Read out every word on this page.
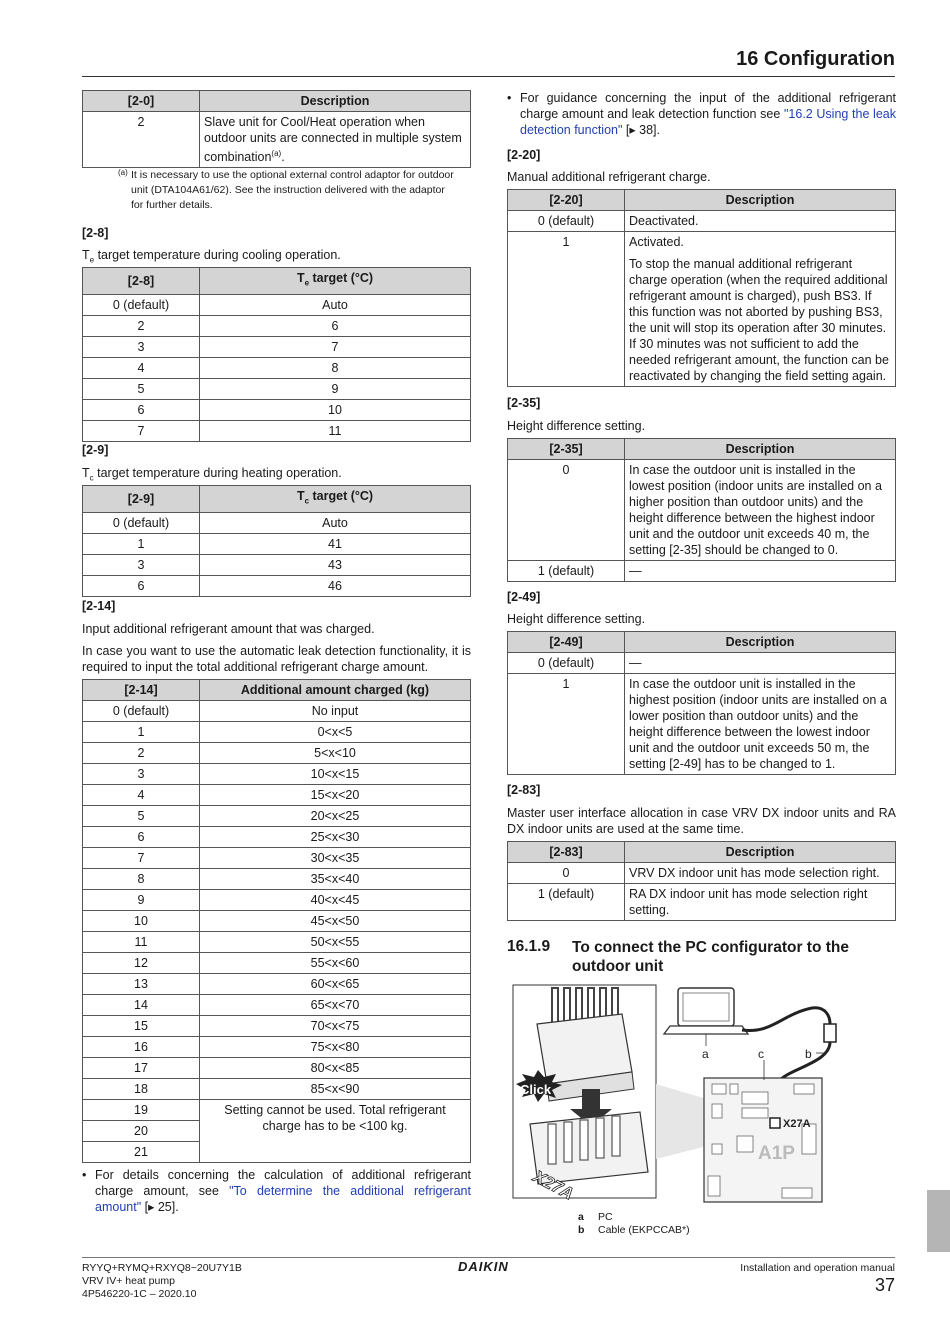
16 Configuration
[2-0]	Description
2	Slave unit for Cool/Heat operation when outdoor units are connected in multiple system combination$^{(a)}$.
(a) It is necessary to use the optional external control adaptor for outdoor unit (DTA104A61/62). See the instruction delivered with the adaptor for further details.
[2-8]
$T_e$ target temperature during cooling operation.
[2-8]	$T_e$ target (°C)
0 (default)	Auto
2	6
3	7
4	8
5	9
6	10
7	11
[2-9]
$T_c$ target temperature during heating operation.
[2-9]	$T_c$ target (°C)
0 (default)	Auto
1	41
3	43
6	46
[2-14]
Input additional refrigerant amount that was charged.
In case you want to use the automatic leak detection functionality, it is required to input the total additional refrigerant charge amount.
[2-14]	Additional amount charged (kg)
0 (default)	No input
1	0<x<5
2	5<x<10
3	10<x<15
4	15<x<20
5	20<x<25
6	25<x<30
7	30<x<35
8	35<x<40
9	40<x<45
10	45<x<50
11	50<x<55
12	55<x<60
13	60<x<65
14	65<x<70
15	70<x<75
16	75<x<80
17	80<x<85
18	85<x<90
19	Setting cannot be used. Total refrigerant charge has to be <100 kg.
20	
21	
• For details concerning the calculation of additional refrigerant charge amount, see "To determine the additional refrigerant amount" [▸ 25].
• For guidance concerning the input of the additional refrigerant charge amount and leak detection function see "16.2 Using the leak detection function" [▸ 38].
[2-20]
Manual additional refrigerant charge.
[2-20]	Description
0 (default)	Deactivated.
1	Activated.
To stop the manual additional refrigerant charge operation (when the required additional refrigerant amount is charged), push BS3. If this function was not aborted by pushing BS3, the unit will stop its operation after 30 minutes. If 30 minutes was not sufficient to add the needed refrigerant amount, the function can be reactivated by changing the field setting again.
[2-35]
Height difference setting.
[2-35]	Description
0	In case the outdoor unit is installed in the lowest position (indoor units are installed on a higher position than outdoor units) and the height difference between the highest indoor unit and the outdoor unit exceeds 40 m, the setting [2-35] should be changed to 0.
1 (default)	—
[2-49]
Height difference setting.
[2-49]	Description
0 (default)	—
1	In case the outdoor unit is installed in the highest position (indoor units are installed on a lower position than outdoor units) and the height difference between the lowest indoor unit and the outdoor unit exceeds 50 m, the setting [2-49] has to be changed to 1.
[2-83]
Master user interface allocation in case VRV DX indoor units and RA DX indoor units are used at the same time.
[2-83]	Description
0	VRV DX indoor unit has mode selection right.
1 (default)	RA DX indoor unit has mode selection right setting.
16.1.9 To connect the PC configurator to the outdoor unit
Click
X27A
X27A
A1P
a	c	b
a PC
b Cable (EKPCCAB*)
RYYQ+RYMQ+RXYQ8~20U7Y1B
VRV IV+ heat pump
4P546220-1C – 2020.10
DAIKIN	Installation and operation manual
37
